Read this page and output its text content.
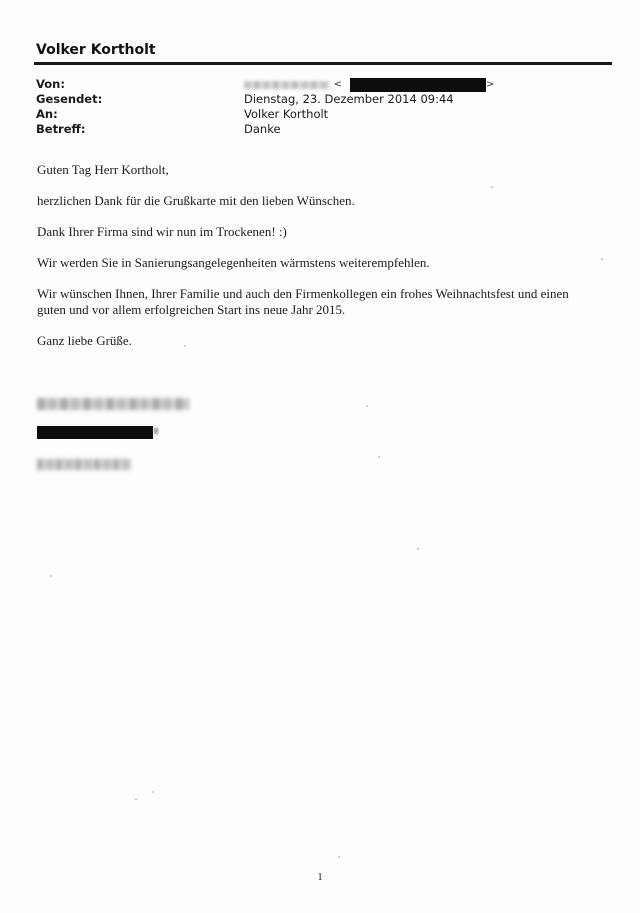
Volker Kortholt
Von:	<	>
Gesendet:	Dienstag, 23. Dezember 2014 09:44
An:	Volker Kortholt
Betreff:	Danke

Guten Tag Herr Kortholt,

herzlichen Dank für die Grußkarte mit den lieben Wünschen.

Dank Ihrer Firma sind wir nun im Trockenen! :)

Wir werden Sie in Sanierungsangelegenheiten wärmstens weiterempfehlen.

Wir wünschen Ihnen, Ihrer Familie und auch den Firmenkollegen ein frohes Weihnachtsfest und einen guten und vor allem erfolgreichen Start ins neue Jahr 2015.

Ganz liebe Grüße.

1
